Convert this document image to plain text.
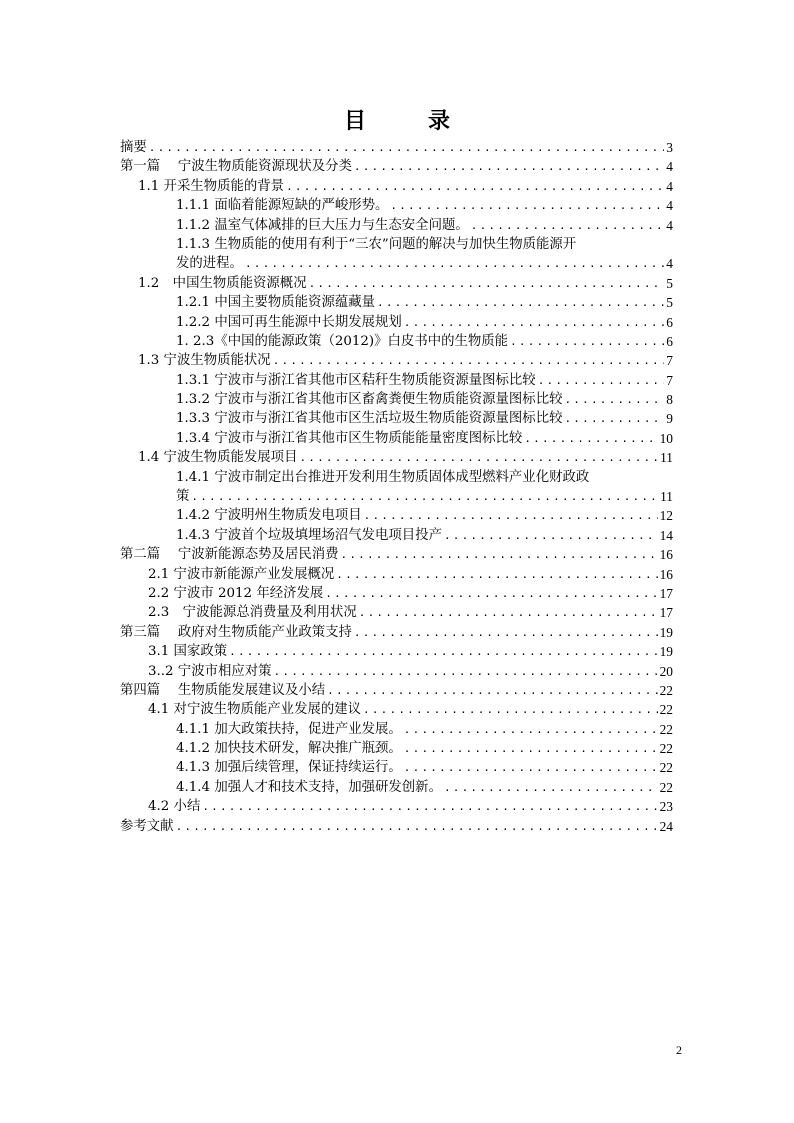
目　录
摘要 .....	3
第一篇　 宁波生物质能资源现状及分类 .....	4
1.1 开采生物质能的背景 .....	4
1.1.1 面临着能源短缺的严峻形势。 .....	4
1.1.2 温室气体减排的巨大压力与生态安全问题。 .....	4
1.1.3 生物质能的使用有利于“三农”问题的解决与加快生物质能源开
发的进程。 .....	4
1.2　中国生物质能资源概况 .....	5
1.2.1 中国主要物质能资源蕴藏量 .....	5
1.2.2 中国可再生能源中长期发展规划 .....	6
1. 2.3《中国的能源政策（2012)》白皮书中的生物质能 .....	6
1.3 宁波生物质能状况 .....	7
1.3.1 宁波市与浙江省其他市区秸秆生物质能资源量图标比较 .....	7
1.3.2 宁波市与浙江省其他市区畜禽粪便生物质能资源量图标比较 .....	8
1.3.3 宁波市与浙江省其他市区生活垃圾生物质能资源量图标比较 .....	9
1.3.4 宁波市与浙江省其他市区生物质能能量密度图标比较 .....	10
1.4 宁波生物质能发展项目 .....	11
1.4.1 宁波市制定出台推进开发利用生物质固体成型燃料产业化财政政
策 .....	11
1.4.2 宁波明州生物质发电项目 .....	12
1.4.3 宁波首个垃圾填埋场沼气发电项目投产 .....	14
第二篇　 宁波新能源态势及居民消费 .....	16
2.1 宁波市新能源产业发展概况 .....	16
2.2 宁波市 2012 年经济发展 .....	17
2.3　宁波能源总消费量及利用状况 .....	17
第三篇　 政府对生物质能产业政策支持 .....	19
3.1 国家政策 .....	19
3..2 宁波市相应对策 .....	20
第四篇　 生物质能发展建议及小结 .....	22
4.1 对宁波生物质能产业发展的建议 .....	22
4.1.1 加大政策扶持，促进产业发展。 .....	22
4.1.2 加快技术研发，解决推广瓶颈。 .....	22
4.1.3 加强后续管理，保证持续运行。 .....	22
4.1.4 加强人才和技术支持，加强研发创新。 .....	22
4.2 小结 .....	23
参考文献 .....	24
2
